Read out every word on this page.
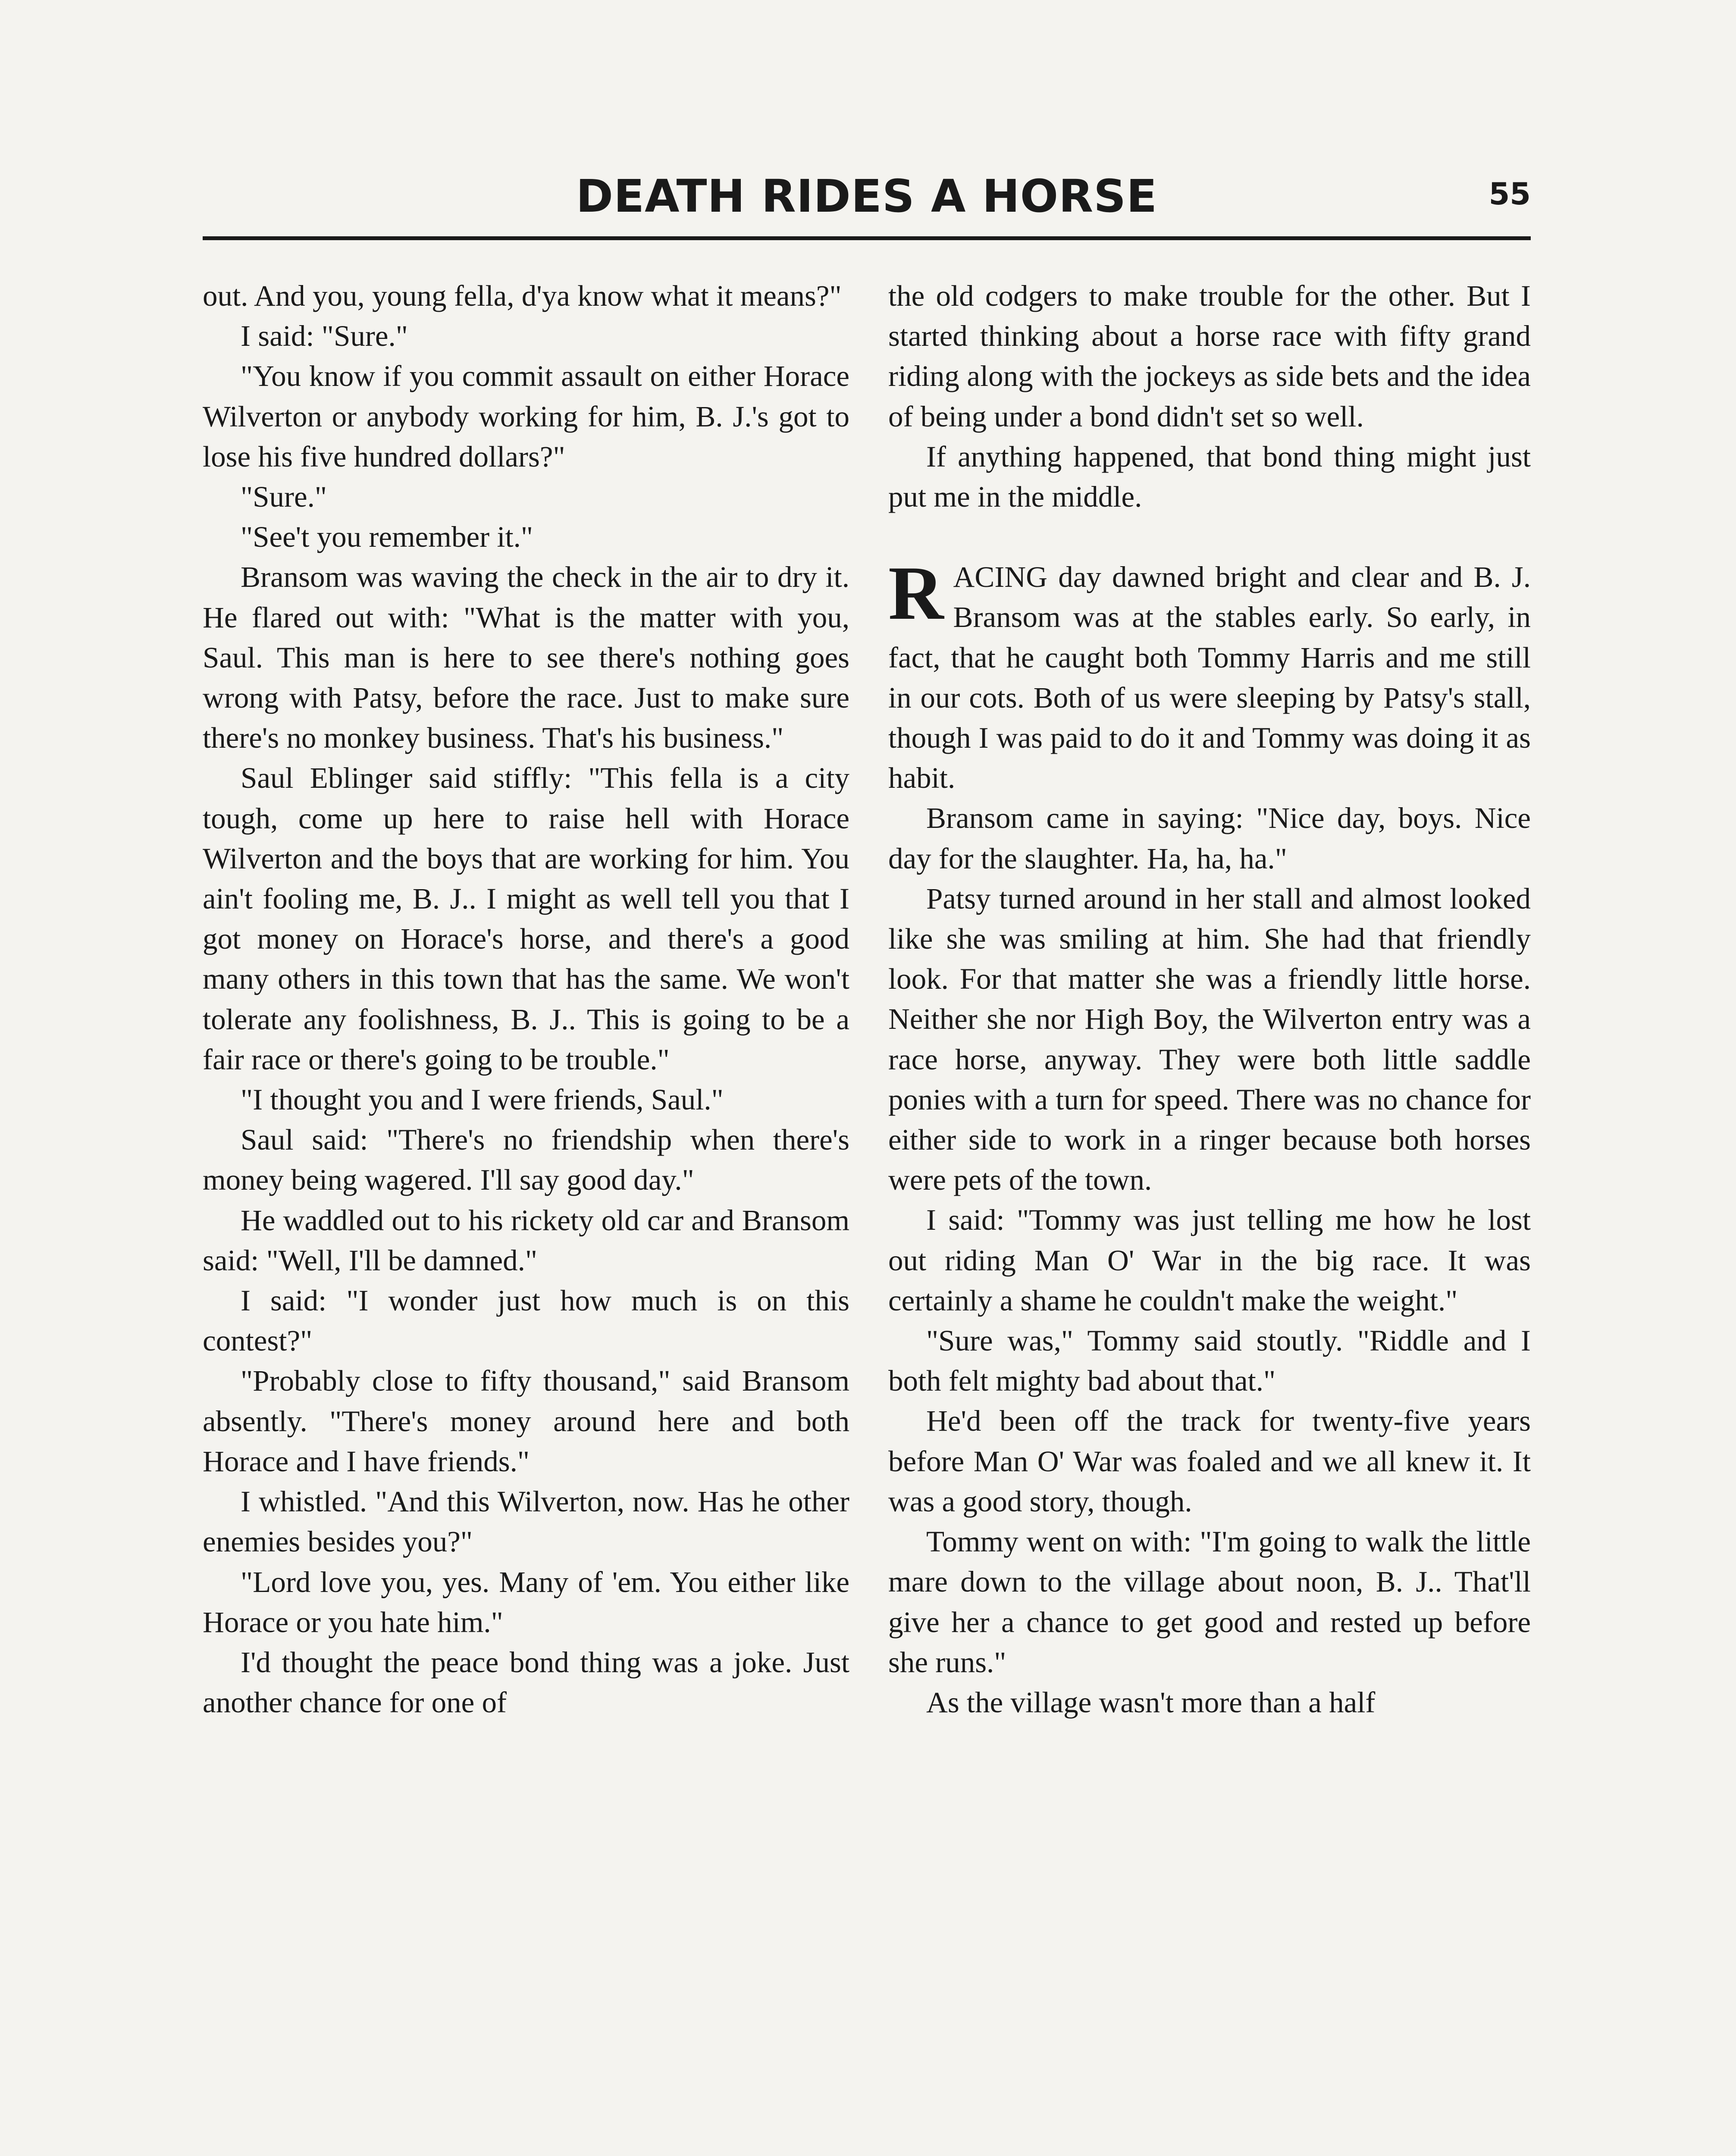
DEATH RIDES A HORSE	55

out. And you, young fella, d'ya know what it means?"

I said: "Sure."

"You know if you commit assault on either Horace Wilverton or anybody working for him, B. J.'s got to lose his five hundred dollars?"

"Sure."

"See't you remember it."

Bransom was waving the check in the air to dry it. He flared out with: "What is the matter with you, Saul. This man is here to see there's nothing goes wrong with Patsy, before the race. Just to make sure there's no monkey business. That's his business."

Saul Eblinger said stiffly: "This fella is a city tough, come up here to raise hell with Horace Wilverton and the boys that are working for him. You ain't fooling me, B. J.. I might as well tell you that I got money on Horace's horse, and there's a good many others in this town that has the same. We won't tolerate any foolishness, B. J.. This is going to be a fair race or there's going to be trouble."

"I thought you and I were friends, Saul."

Saul said: "There's no friendship when there's money being wagered. I'll say good day."

He waddled out to his rickety old car and Bransom said: "Well, I'll be damned."

I said: "I wonder just how much is on this contest?"

"Probably close to fifty thousand," said Bransom absently. "There's money around here and both Horace and I have friends."

I whistled. "And this Wilverton, now. Has he other enemies besides you?"

"Lord love you, yes. Many of 'em. You either like Horace or you hate him."

I'd thought the peace bond thing was a joke. Just another chance for one of

the old codgers to make trouble for the other. But I started thinking about a horse race with fifty grand riding along with the jockeys as side bets and the idea of being under a bond didn't set so well.

If anything happened, that bond thing might just put me in the middle.

RACING day dawned bright and clear and B. J. Bransom was at the stables early. So early, in fact, that he caught both Tommy Harris and me still in our cots. Both of us were sleeping by Patsy's stall, though I was paid to do it and Tommy was doing it as habit.

Bransom came in saying: "Nice day, boys. Nice day for the slaughter. Ha, ha, ha."

Patsy turned around in her stall and almost looked like she was smiling at him. She had that friendly look. For that matter she was a friendly little horse. Neither she nor High Boy, the Wilverton entry was a race horse, anyway. They were both little saddle ponies with a turn for speed. There was no chance for either side to work in a ringer because both horses were pets of the town.

I said: "Tommy was just telling me how he lost out riding Man O' War in the big race. It was certainly a shame he couldn't make the weight."

"Sure was," Tommy said stoutly. "Riddle and I both felt mighty bad about that."

He'd been off the track for twenty-five years before Man O' War was foaled and we all knew it. It was a good story, though.

Tommy went on with: "I'm going to walk the little mare down to the village about noon, B. J.. That'll give her a chance to get good and rested up before she runs."

As the village wasn't more than a half
